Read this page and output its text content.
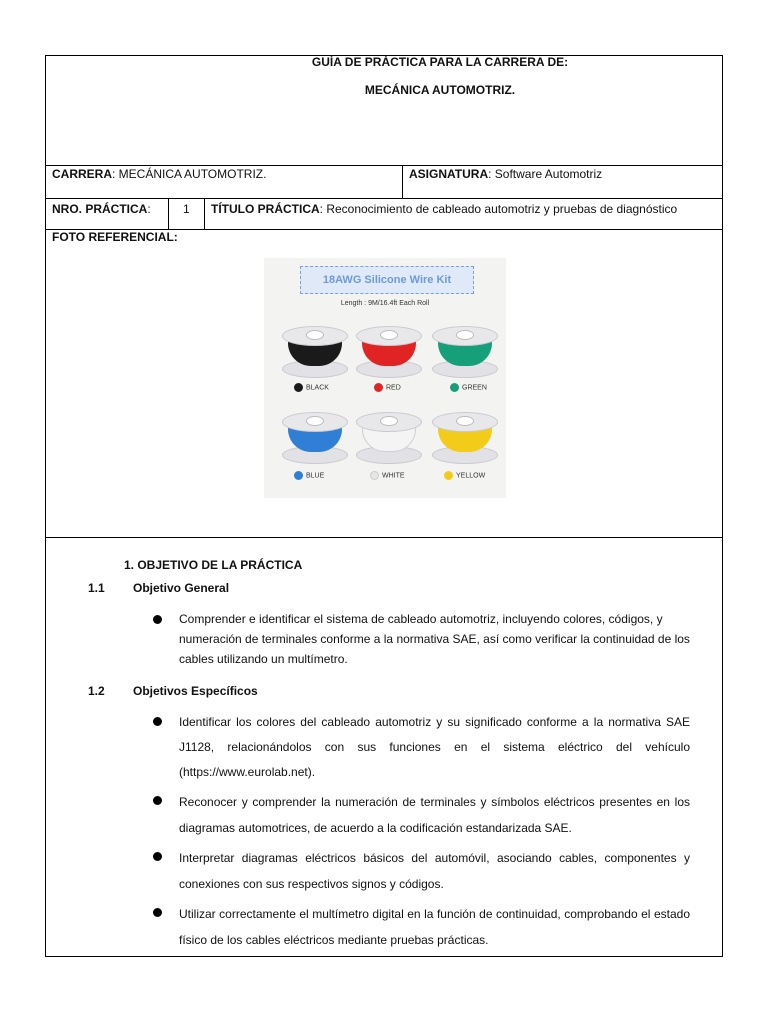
GUÍA DE PRÁCTICA PARA LA CARRERA DE:
MECÁNICA AUTOMOTRIZ.
CARRERA: MECÁNICA AUTOMOTRIZ.	ASIGNATURA: Software Automotriz
NRO. PRÁCTICA:	1 TÍTULO PRÁCTICA: Reconocimiento de cableado automotriz y pruebas de diagnóstico
FOTO REFERENCIAL:
18AWG Silicone Wire Kit
Length : 9M/16.4ft Each Roll
BLACK	RED	GREEN
BLUE	WHITE	YELLOW
1. OBJETIVO DE LA PRÁCTICA
1.1 Objetivo General
Comprender e identificar el sistema de cableado automotriz, incluyendo colores, códigos, y numeración de terminales conforme a la normativa SAE, así como verificar la continuidad de los cables utilizando un multímetro.
1.2 Objetivos Específicos
Identificar los colores del cableado automotriz y su significado conforme a la normativa SAE J1128, relacionándolos con sus funciones en el sistema eléctrico del vehículo (https://www.eurolab.net).
Reconocer y comprender la numeración de terminales y símbolos eléctricos presentes en los diagramas automotrices, de acuerdo a la codificación estandarizada SAE.
Interpretar diagramas eléctricos básicos del automóvil, asociando cables, componentes y conexiones con sus respectivos signos y códigos.
Utilizar correctamente el multímetro digital en la función de continuidad, comprobando el estado físico de los cables eléctricos mediante pruebas prácticas.
